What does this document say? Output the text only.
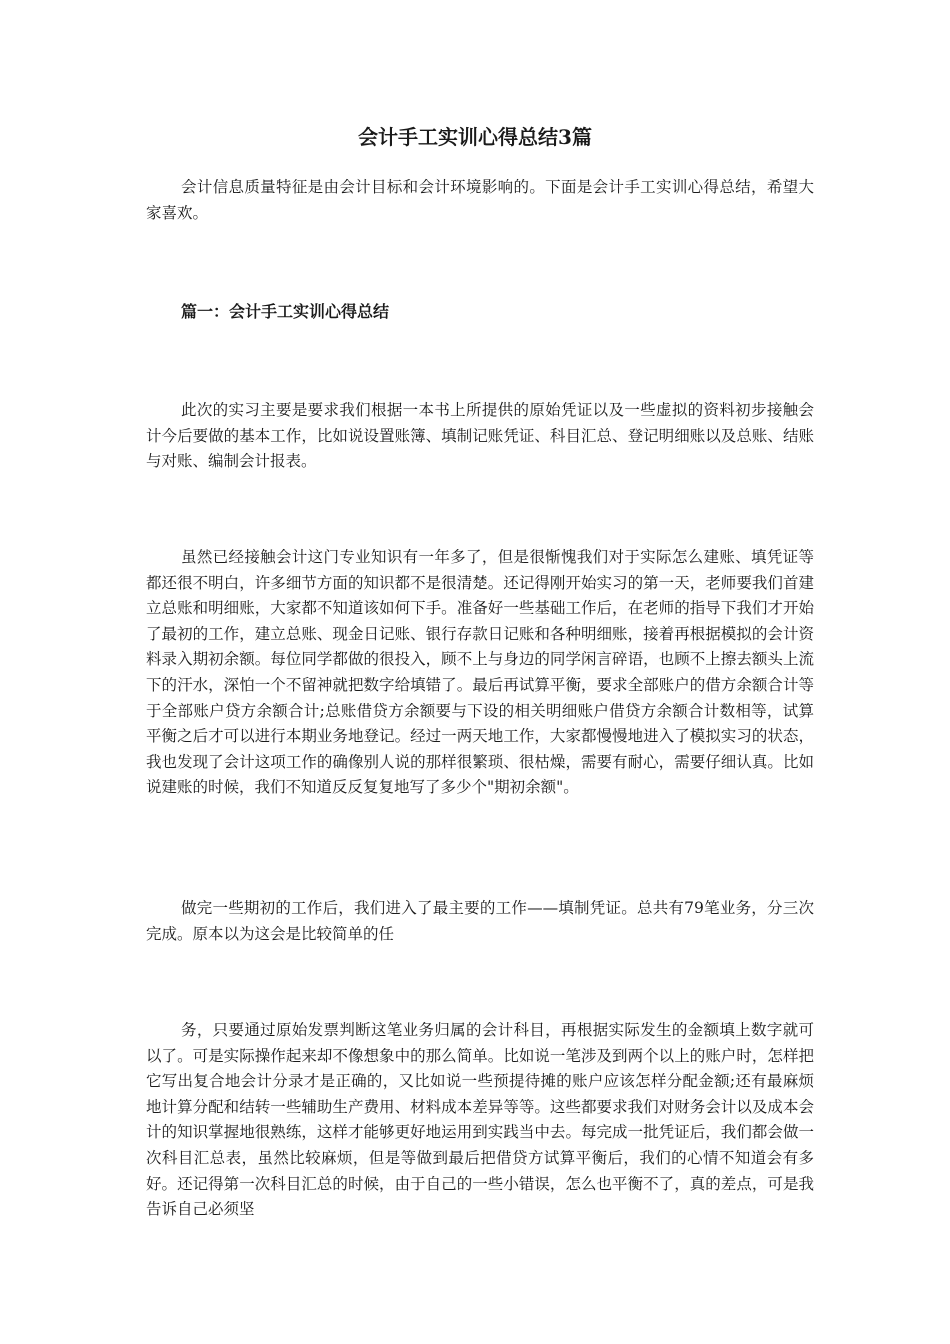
会计手工实训心得总结3篇

会计信息质量特征是由会计目标和会计环境影响的。下面是会计手工实训心得总结，希望大家喜欢。

篇一：会计手工实训心得总结

此次的实习主要是要求我们根据一本书上所提供的原始凭证以及一些虚拟的资料初步接触会计今后要做的基本工作，比如说设置账簿、填制记账凭证、科目汇总、登记明细账以及总账、结账与对账、编制会计报表。

虽然已经接触会计这门专业知识有一年多了，但是很惭愧我们对于实际怎么建账、填凭证等都还很不明白，许多细节方面的知识都不是很清楚。还记得刚开始实习的第一天，老师要我们首建立总账和明细账，大家都不知道该如何下手。准备好一些基础工作后，在老师的指导下我们才开始了最初的工作，建立总账、现金日记账、银行存款日记账和各种明细账，接着再根据模拟的会计资料录入期初余额。每位同学都做的很投入，顾不上与身边的同学闲言碎语，也顾不上擦去额头上流下的汗水，深怕一个不留神就把数字给填错了。最后再试算平衡，要求全部账户的借方余额合计等于全部账户贷方余额合计;总账借贷方余额要与下设的相关明细账户借贷方余额合计数相等，试算平衡之后才可以进行本期业务地登记。经过一两天地工作，大家都慢慢地进入了模拟实习的状态，我也发现了会计这项工作的确像别人说的那样很繁琐、很枯燥，需要有耐心，需要仔细认真。比如说建账的时候，我们不知道反反复复地写了多少个"期初余额"。

做完一些期初的工作后，我们进入了最主要的工作——填制凭证。总共有79笔业务，分三次完成。原本以为这会是比较简单的任

务，只要通过原始发票判断这笔业务归属的会计科目，再根据实际发生的金额填上数字就可以了。可是实际操作起来却不像想象中的那么简单。比如说一笔涉及到两个以上的账户时，怎样把它写出复合地会计分录才是正确的，又比如说一些预提待摊的账户应该怎样分配金额;还有最麻烦地计算分配和结转一些辅助生产费用、材料成本差异等等。这些都要求我们对财务会计以及成本会计的知识掌握地很熟练，这样才能够更好地运用到实践当中去。每完成一批凭证后，我们都会做一次科目汇总表，虽然比较麻烦，但是等做到最后把借贷方试算平衡后，我们的心情不知道会有多好。还记得第一次科目汇总的时候，由于自己的一些小错误，怎么也平衡不了，真的差点，可是我告诉自己必须坚
